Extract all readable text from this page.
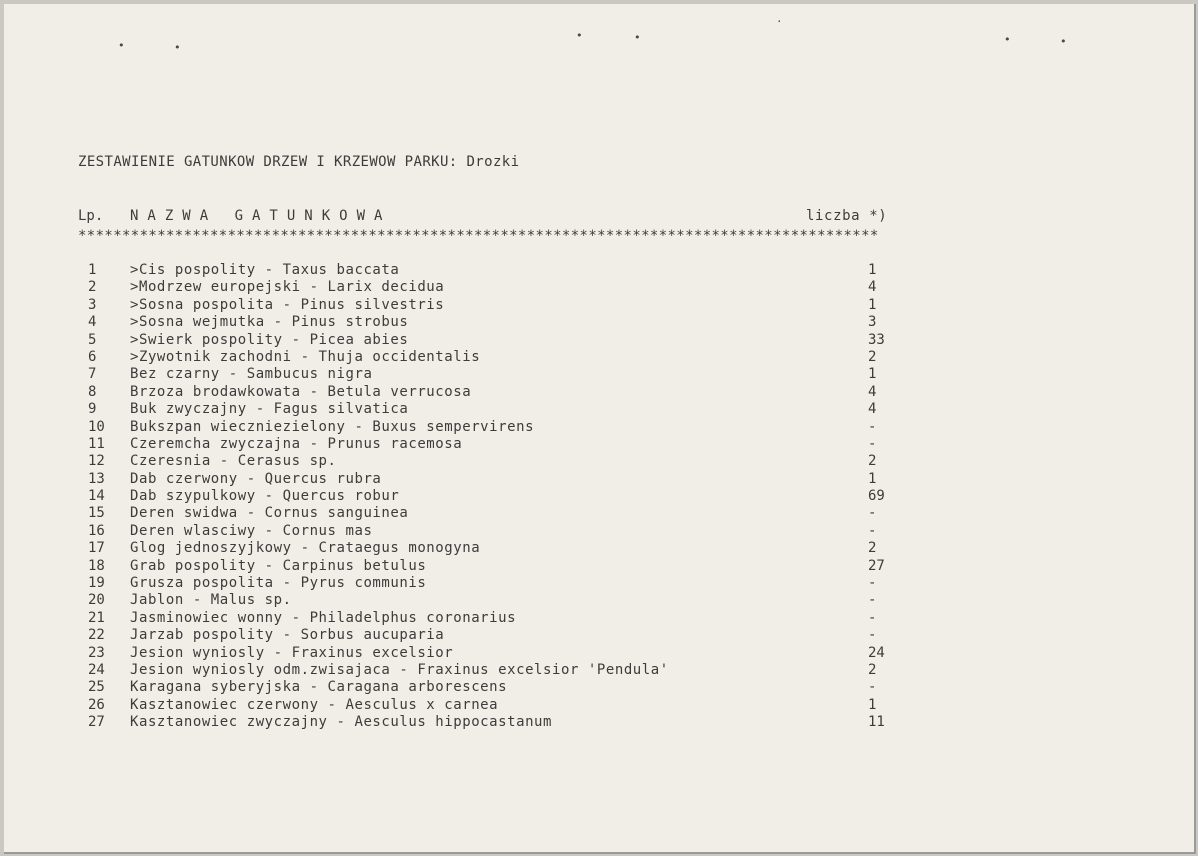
•	•
•	•
·
•	•
ZESTAWIENIE GATUNKOW DRZEW I KRZEWOW PARKU: Drozki
Lp. NAZWA GATUNKOWA	liczba *)
*******************************************************************************************
1	>Cis pospolity - Taxus baccata	1
2	>Modrzew europejski - Larix decidua	4
3	>Sosna pospolita - Pinus silvestris	1
4	>Sosna wejmutka - Pinus strobus	3
5	>Swierk pospolity - Picea abies	33
6	>Zywotnik zachodni - Thuja occidentalis	2
7	Bez czarny - Sambucus nigra	1
8	Brzoza brodawkowata - Betula verrucosa	4
9	Buk zwyczajny - Fagus silvatica	4
10	Bukszpan wieczniezielony - Buxus sempervirens	-
11	Czeremcha zwyczajna - Prunus racemosa	-
12	Czeresnia - Cerasus sp.	2
13	Dab czerwony - Quercus rubra	1
14	Dab szypulkowy - Quercus robur	69
15	Deren swidwa - Cornus sanguinea	-
16	Deren wlasciwy - Cornus mas	-
17	Glog jednoszyjkowy - Crataegus monogyna	2
18	Grab pospolity - Carpinus betulus	27
19	Grusza pospolita - Pyrus communis	-
20	Jablon - Malus sp.	-
21	Jasminowiec wonny - Philadelphus coronarius	-
22	Jarzab pospolity - Sorbus aucuparia	-
23	Jesion wyniosly - Fraxinus excelsior	24
24	Jesion wyniosly odm.zwisajaca - Fraxinus excelsior 'Pendula'	2
25	Karagana syberyjska - Caragana arborescens	-
26	Kasztanowiec czerwony - Aesculus x carnea	1
27	Kasztanowiec zwyczajny - Aesculus hippocastanum	11
